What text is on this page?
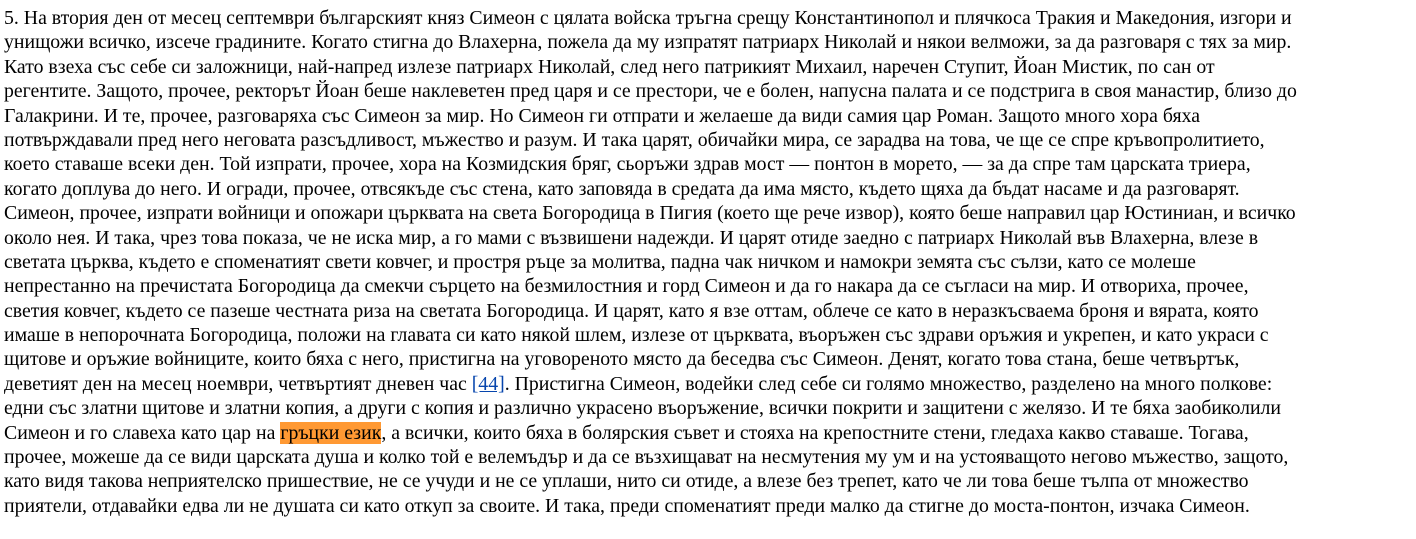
5. На втория ден от месец септември българският княз Симеон с цялата войска тръгна срещу Константинопол и плячкоса Тракия и Македония, изгори и
унищожи всичко, изсече градините. Когато стигна до Влахерна, пожела да му изпратят патриарх Николай и някои велможи, за да разговаря с тях за мир.
Като взеха със себе си заложници, най-напред излезе патриарх Николай, след него патрикият Михаил, наречен Ступит, Йоан Мистик, по сан от
регентите. Защото, прочее, ректорът Йоан беше наклеветен пред царя и се престори, че е болен, напусна палата и се подстрига в своя манастир, близо до
Галакрини. И те, прочее, разговаряха със Симеон за мир. Но Симеон ги отпрати и желаеше да види самия цар Роман. Защото много хора бяха
потвърждавали пред него неговата разсъдливост, мъжество и разум. И така царят, обичайки мира, се зарадва на това, че ще се спре кръвопролитието,
което ставаше всеки ден. Той изпрати, прочее, хора на Козмидския бряг, сьоръжи здрав мост — понтон в морето, — за да спре там царската триера,
когато доплува до него. И огради, прочее, отвсякъде със стена, като заповяда в средата да има място, където щяха да бъдат насаме и да разговарят.
Симеон, прочее, изпрати войници и опожари църквата на света Богородица в Пигия (което ще рече извор), която беше направил цар Юстиниан, и всичко
около нея. И така, чрез това показа, че не иска мир, а го мами с възвишени надежди. И царят отиде заедно с патриарх Николай във Влахерна, влезе в
светата църква, където е споменатият свети ковчег, и простря ръце за молитва, падна чак ничком и намокри земята със сълзи, като се молеше
непрестанно на пречистата Богородица да смекчи сърцето на безмилостния и горд Симеон и да го накара да се съгласи на мир. И отвориха, прочее,
светия ковчег, където се пазеше честната риза на светата Богородица. И царят, като я взе оттам, облече се като в неразкъсваема броня и вярата, която
имаше в непорочната Богородица, положи на главата си като някой шлем, излезе от църквата, въоръжен със здрави оръжия и укрепен, и като украси с
щитове и оръжие войниците, които бяха с него, пристигна на уговореното място да беседва със Симеон. Денят, когато това стана, беше четвъртък,
деветият ден на месец ноември, четвъртият дневен час [44]. Пристигна Симеон, водейки след себе си голямо множество, разделено на много полкове:
едни със златни щитове и златни копия, а други с копия и различно украсено въоръжение, всички покрити и защитени с желязо. И те бяха заобиколили
Симеон и го славеха като цар на гръцки език, а всички, които бяха в болярския съвет и стояха на крепостните стени, гледаха какво ставаше. Тогава,
прочее, можеше да се види царската душа и колко той е велемъдър и да се възхищават на несмутения му ум и на устояващото негово мъжество, защото,
като видя такова неприятелско пришествие, не се учуди и не се уплаши, нито си отиде, а влезе без трепет, като че ли това беше тълпа от множество
приятели, отдавайки едва ли не душата си като откуп за своите. И така, преди споменатият преди малко да стигне до моста-понтон, изчака Симеон.
